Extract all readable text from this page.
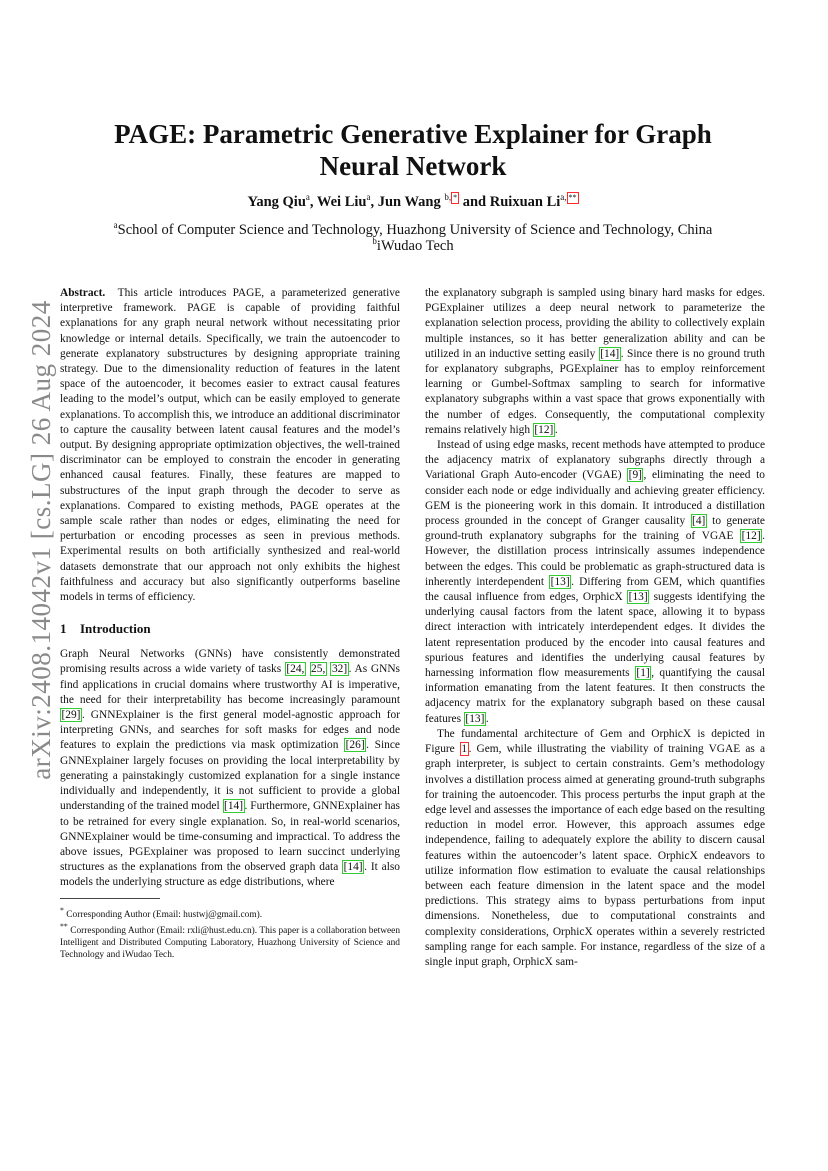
arXiv:2408.14042v1 [cs.LG] 26 Aug 2024
PAGE: Parametric Generative Explainer for Graph
Neural Network
Yang Qiu$^a$, Wei Liu$^a$, Jun Wang $^{b, *}$ and Ruixuan $Li^{a, **}$
$^a$School of Computer Science and Technology, Huazhong University of Science and Technology, China
$^b$iWudao Tech

Abstract. This article introduces PAGE, a parameterized generative interpretive framework. PAGE is capable of providing faithful explanations for any graph neural network without necessitating prior knowledge or internal details. Specifically, we train the autoencoder to generate explanatory substructures by designing appropriate training strategy. Due to the dimensionality reduction of features in the latent space of the autoencoder, it becomes easier to extract causal features leading to the model’s output, which can be easily employed to generate explanations. To accomplish this, we introduce an additional discriminator to capture the causality between latent causal features and the model’s output. By designing appropriate optimization objectives, the well-trained discriminator can be employed to constrain the encoder in generating enhanced causal features. Finally, these features are mapped to substructures of the input graph through the decoder to serve as explanations. Compared to existing methods, PAGE operates at the sample scale rather than nodes or edges, eliminating the need for perturbation or encoding processes as seen in previous methods. Experimental results on both artificially synthesized and real-world datasets demonstrate that our approach not only exhibits the highest faithfulness and accuracy but also significantly outperforms baseline models in terms of efficiency.

1 Introduction

Graph Neural Networks (GNNs) have consistently demonstrated promising results across a wide variety of tasks [24, 25, 32] . As GNNs find applications in crucial domains where trustworthy AI is imperative, the need for their interpretability has become increasingly paramount [29] . GNNExplainer is the first general model-agnostic approach for interpreting GNNs, and searches for soft masks for edges and node features to explain the predictions via mask optimization [26] . Since GNNExplainer largely focuses on providing the local interpretability by generating a painstakingly customized explanation for a single instance individually and independently, it is not sufficient to provide a global understanding of the trained model [14] . Furthermore, GNNExplainer has to be retrained for every single explanation. So, in real-world scenarios, GNNExplainer would be time-consuming and impractical. To address the above issues, PGExplainer was proposed to learn succinct underlying structures as the explanations from the observed graph data [14] . It also models the underlying structure as edge distributions, where

* Corresponding Author (Email: hustwj@gmail.com).

** Corresponding Author (Email: rxli@hust.edu.cn). This paper is a collaboration between Intelligent and Distributed Computing Laboratory, Huazhong University of Science and Technology and iWudao Tech.

the explanatory subgraph is sampled using binary hard masks for edges. PGExplainer utilizes a deep neural network to parameterize the explanation selection process, providing the ability to collectively explain multiple instances, so it has better generalization ability and can be utilized in an inductive setting easily [14] . Since there is no ground truth for explanatory subgraphs, PGExplainer has to employ reinforcement learning or Gumbel-Softmax sampling to search for informative explanatory subgraphs within a vast space that grows exponentially with the number of edges. Consequently, the computational complexity remains relatively high [12] .

Instead of using edge masks, recent methods have attempted to produce the adjacency matrix of explanatory subgraphs directly through a Variational Graph Auto-encoder (VGAE) [9] , eliminating the need to consider each node or edge individually and achieving greater efficiency. GEM is the pioneering work in this domain. It introduced a distillation process grounded in the concept of Granger causality [4] to generate ground-truth explanatory subgraphs for the training of VGAE [12] . However, the distillation process intrinsically assumes independence between the edges. This could be problematic as graph-structured data is inherently interdependent [13] . Differing from GEM, which quantifies the causal influence from edges, OrphicX [13] suggests identifying the underlying causal factors from the latent space, allowing it to bypass direct interaction with intricately interdependent edges. It divides the latent representation produced by the encoder into causal features and spurious features and identifies the underlying causal features by harnessing information flow measurements [1] , quantifying the causal information emanating from the latent features. It then constructs the adjacency matrix for the explanatory subgraph based on these causal features [13] .

The fundamental architecture of Gem and OrphicX is depicted in Figure 1 . Gem, while illustrating the viability of training VGAE as a graph interpreter, is subject to certain constraints. Gem’s methodology involves a distillation process aimed at generating ground-truth subgraphs for training the autoencoder. This process perturbs the input graph at the edge level and assesses the importance of each edge based on the resulting reduction in model error. However, this approach assumes edge independence, failing to adequately explore the ability to discern causal features within the autoencoder’s latent space. OrphicX endeavors to utilize information flow estimation to evaluate the causal relationships between each feature dimension in the latent space and the model predictions. This strategy aims to bypass perturbations from input dimensions. Nonetheless, due to computational constraints and complexity considerations, OrphicX operates within a severely restricted sampling range for each sample. For instance, regardless of the size of a single input graph, OrphicX sam-
